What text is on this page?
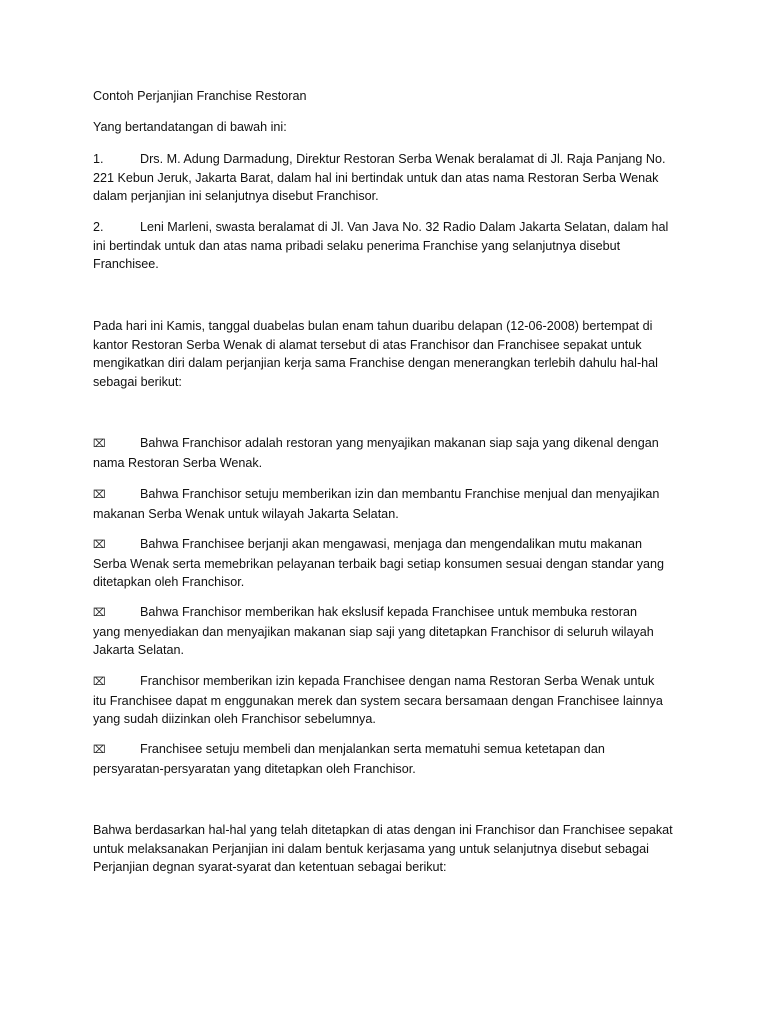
Contoh Perjanjian Franchise Restoran

Yang bertandatangan di bawah ini:

1.	Drs. M. Adung Darmadung, Direktur Restoran Serba Wenak beralamat di Jl. Raja Panjang No.
221 Kebun Jeruk, Jakarta Barat, dalam hal ini bertindak untuk dan atas nama Restoran Serba Wenak dalam perjanjian ini selanjutnya disebut Franchisor.
2.	Leni Marleni, swasta beralamat di Jl. Van Java No. 32 Radio Dalam Jakarta Selatan, dalam hal
ini bertindak untuk dan atas nama pribadi selaku penerima Franchise yang selanjutnya disebut Franchisee.

Pada hari ini Kamis, tanggal duabelas bulan enam tahun duaribu delapan (12-06-2008) bertempat di kantor Restoran Serba Wenak di alamat tersebut di atas Franchisor dan Franchisee sepakat untuk mengikatkan diri dalam perjanjian kerja sama Franchise dengan menerangkan terlebih dahulu hal-hal sebagai berikut:

⌧	Bahwa Franchisor adalah restoran yang menyajikan makanan siap saja yang dikenal dengan
nama Restoran Serba Wenak.
⌧	Bahwa Franchisor setuju memberikan izin dan membantu Franchise menjual dan menyajikan
makanan Serba Wenak untuk wilayah Jakarta Selatan.
⌧	Bahwa Franchisee berjanji akan mengawasi, menjaga dan mengendalikan mutu makanan
Serba Wenak serta memebrikan pelayanan terbaik bagi setiap konsumen sesuai dengan standar yang ditetapkan oleh Franchisor.
⌧	Bahwa Franchisor memberikan hak ekslusif kepada Franchisee untuk membuka restoran
yang menyediakan dan menyajikan makanan siap saji yang ditetapkan Franchisor di seluruh wilayah Jakarta Selatan.
⌧	Franchisor memberikan izin kepada Franchisee dengan nama Restoran Serba Wenak untuk
itu Franchisee dapat m enggunakan merek dan system secara bersamaan dengan Franchisee lainnya yang sudah diizinkan oleh Franchisor sebelumnya.
⌧	Franchisee setuju membeli dan menjalankan serta mematuhi semua ketetapan dan
persyaratan-persyaratan yang ditetapkan oleh Franchisor.

Bahwa berdasarkan hal-hal yang telah ditetapkan di atas dengan ini Franchisor dan Franchisee sepakat untuk melaksanakan Perjanjian ini dalam bentuk kerjasama yang untuk selanjutnya disebut sebagai Perjanjian degnan syarat-syarat dan ketentuan sebagai berikut:
